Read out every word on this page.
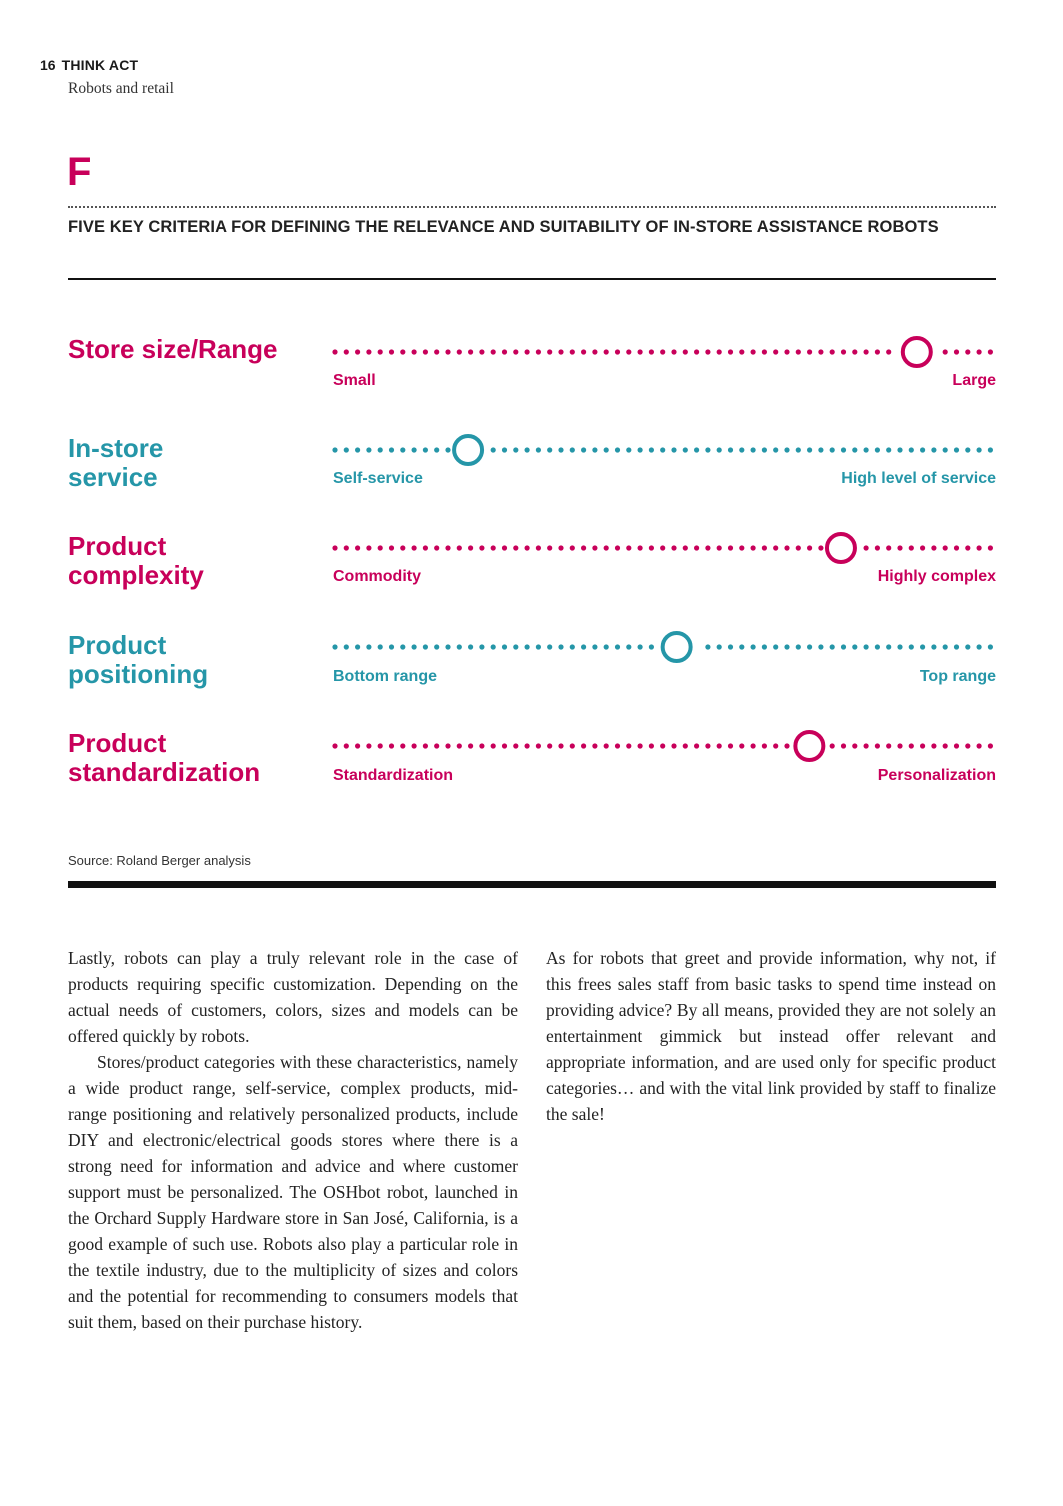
16 THINK ACT
Robots and retail
F
FIVE KEY CRITERIA FOR DEFINING THE RELEVANCE AND SUITABILITY OF IN-STORE ASSISTANCE ROBOTS
Store size/Range
Small	Large
In-store
service	Self-service	High level of service
Product
complexity	Commodity	Highly complex
Product
positioning	Bottom range	Top range
Product
standardization	Standardization	Personalization
Source: Roland Berger analysis

Lastly, robots can play a truly relevant role in the case of products requiring specific customization. Depending on the actual needs of customers, colors, sizes and models can be offered quickly by robots.

Stores/product categories with these characteristics, namely a wide product range, self-service, complex products, mid-range positioning and relatively personalized products, include DIY and electronic/electrical goods stores where there is a strong need for information and advice and where customer support must be personalized. The OSHbot robot, launched in the Orchard Supply Hardware store in San José, California, is a good example of such use. Robots also play a particular role in the textile industry, due to the multiplicity of sizes and colors and the potential for recommending to consumers models that suit them, based on their purchase history.

As for robots that greet and provide information, why not, if this frees sales staff from basic tasks to spend time instead on providing advice? By all means, provided they are not solely an entertainment gimmick but instead offer relevant and appropriate information, and are used only for specific product categories… and with the vital link provided by staff to finalize the sale!
